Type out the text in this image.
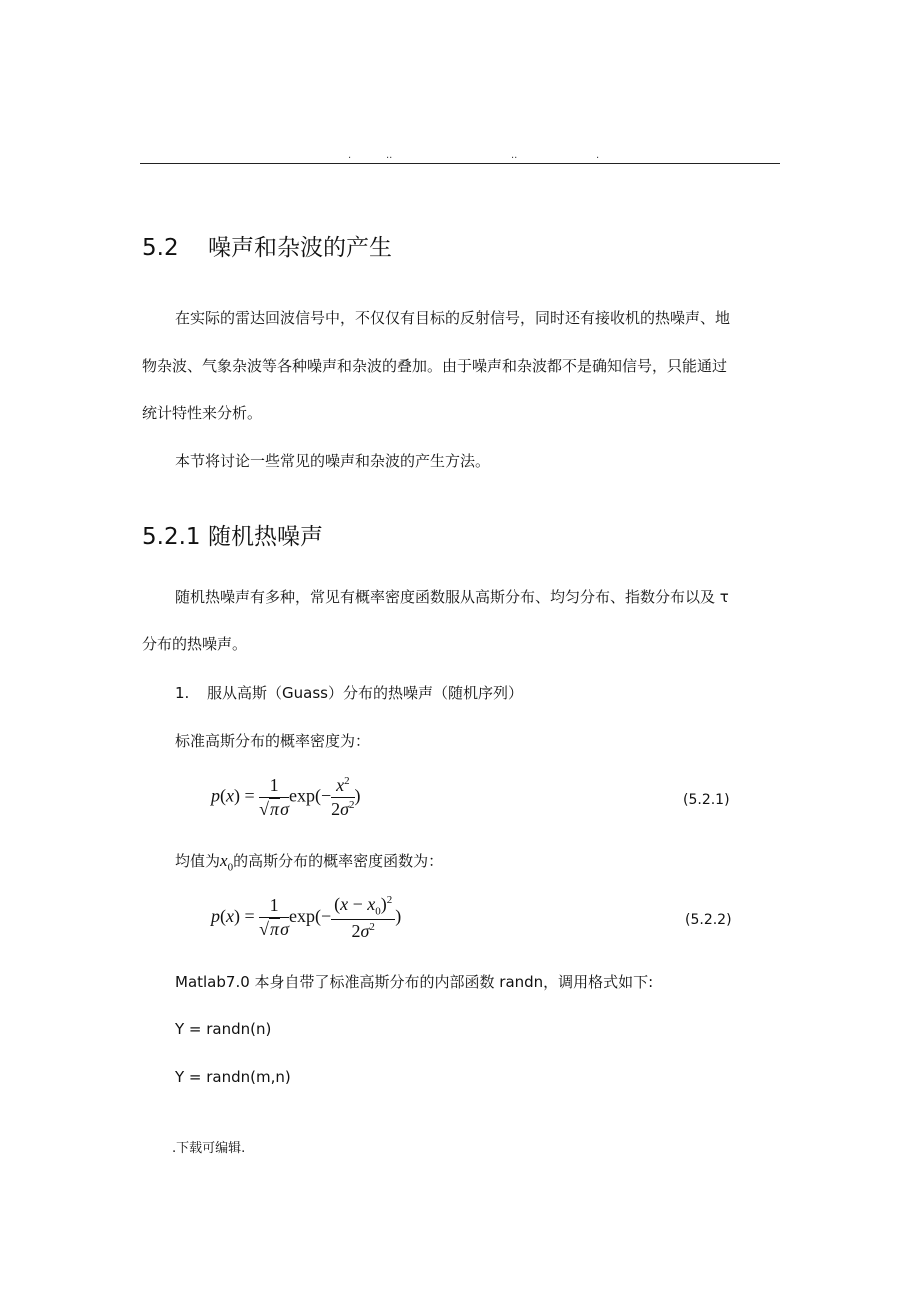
.	..	..	.
5.2 噪声和杂波的产生
在实际的雷达回波信号中，不仅仅有目标的反射信号，同时还有接收机的热噪声、地
物杂波、气象杂波等各种噪声和杂波的叠加。由于噪声和杂波都不是确知信号，只能通过
统计特性来分析。
本节将讨论一些常见的噪声和杂波的产生方法。
5.2.1 随机热噪声
随机热噪声有多种，常见有概率密度函数服从高斯分布、均匀分布、指数分布以及 τ
分布的热噪声。
1. 服从高斯（Guass）分布的热噪声（随机序列）
标准高斯分布的概率密度为：
$p(x) = \frac{1}{√\pi\sigma} \exp(- \frac{x^2}{2\sigma^2}$ )	(5.2.1)
均值为$x_0$的高斯分布的概率密度函数为：
$p(x) = \frac{1}{√\pi\sigma} \exp(- \frac{(x - x_0)^2}{2\sigma^2}$ )	(5.2.2)
Matlab7.0 本身自带了标准高斯分布的内部函数 randn，调用格式如下:
Y = randn(n)
Y = randn(m,n)
.下载可编辑.
